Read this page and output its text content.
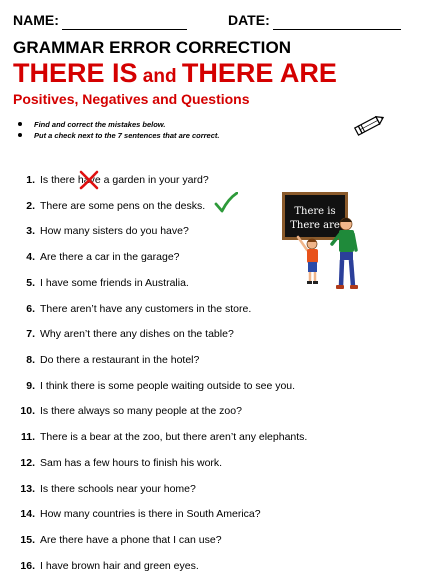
NAME:	DATE:
GRAMMAR ERROR CORRECTION
THERE IS and THERE ARE
Positives, Negatives and Questions
Find and correct the mistakes below.
Put a check next to the 7 sentences that are correct.
1. Is there have a garden in your yard?
2. There are some pens on the desks.
3. How many sisters do you have?
4. Are there a car in the garage?
5. I have some friends in Australia.
6. There aren’t have any customers in the store.
7. Why aren’t there any dishes on the table?
8. Do there a restaurant in the hotel?
9. I think there is some people waiting outside to see you.
10. Is there always so many people at the zoo?
11. There is a bear at the zoo, but there aren’t any elephants.
12. Sam has a few hours to finish his work.
13. Is there schools near your home?
14. How many countries is there in South America?
15. Are there have a phone that I can use?
16. I have brown hair and green eyes.
There is
There are
